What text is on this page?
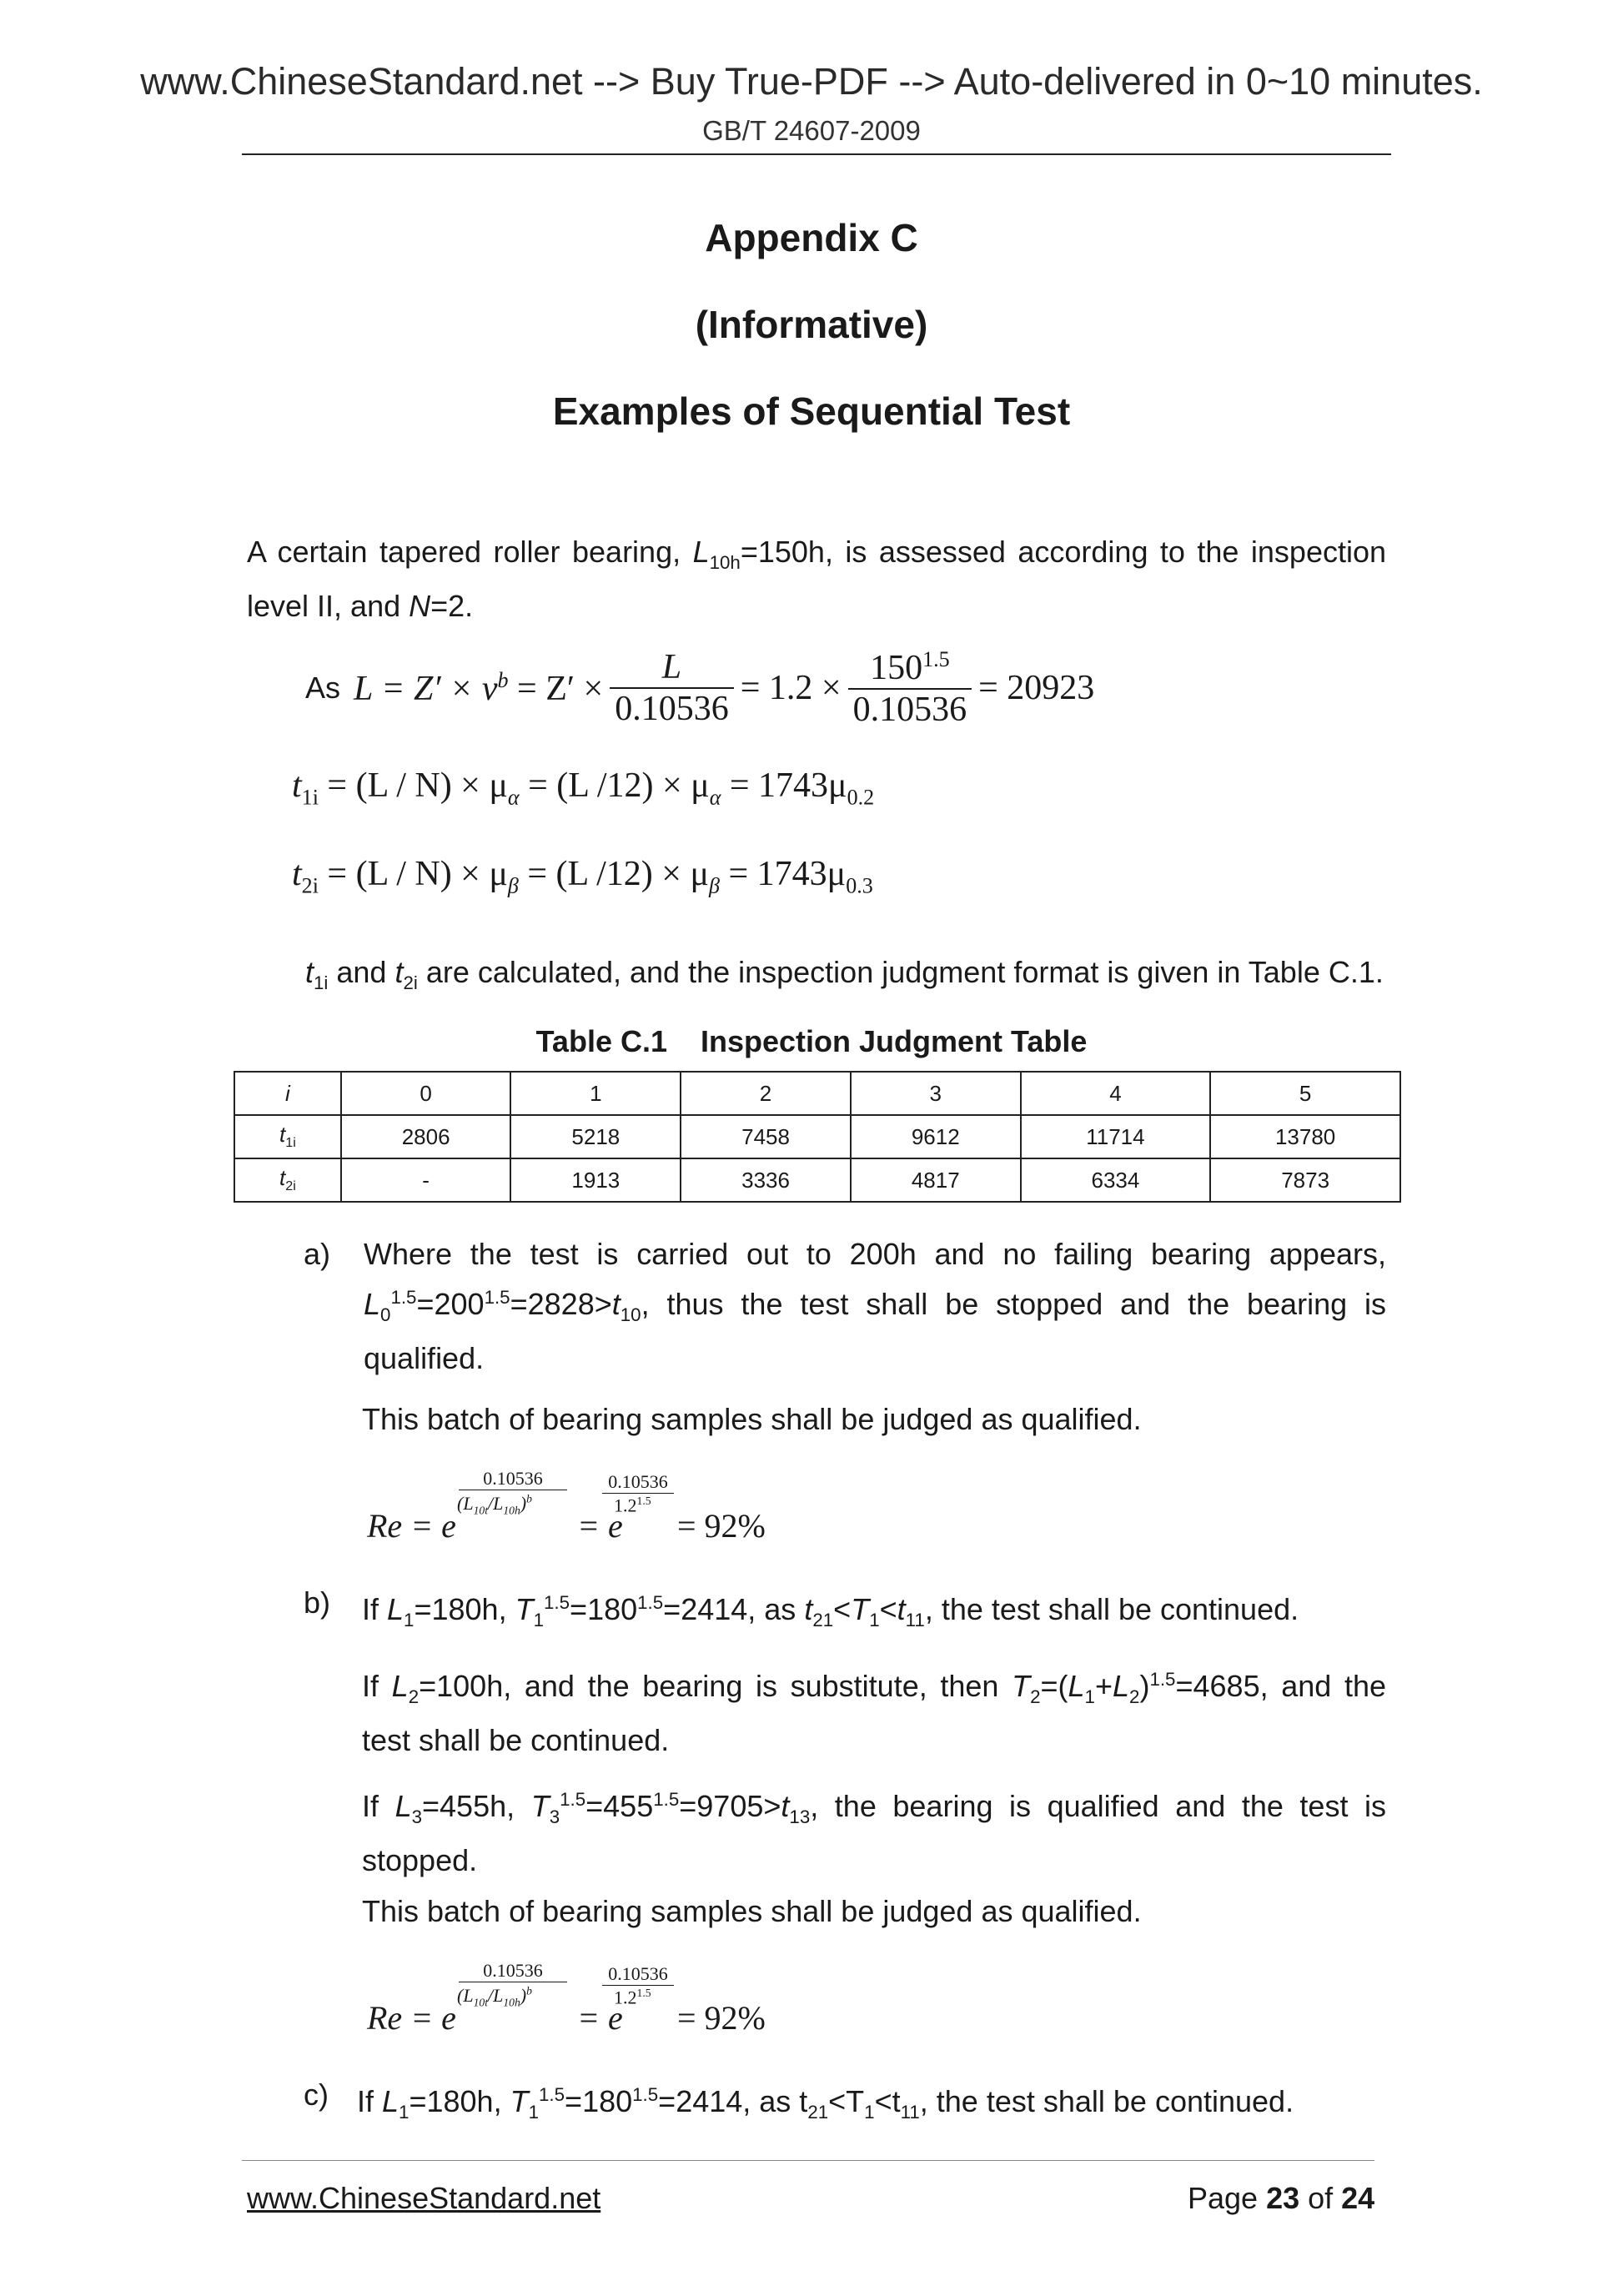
www.ChineseStandard.net --> Buy True-PDF --> Auto-delivered in 0~10 minutes.
GB/T 24607-2009
Appendix C
(Informative)
Examples of Sequential Test
A certain tapered roller bearing, $L_{10h}=150h$, is assessed according to the inspection level II, and N=2.
As $L = Z' \times v^b = Z' \times \frac{L}{0.10536} = 1.2 \times \frac{150^{1.5}}{0.10536} = 20923$
$t_{1i} = (L / N) \times \mu_\alpha = (L$ $/12) \times \mu_\alpha = 1743\mu_{0.2}$
$t_{2i} = (L / N) \times \mu_\beta = (L$ $/12) \times \mu_\beta = 1743\mu_{0.3}$
$t_{1i}$ and $t_{2i}$ are calculated, and the inspection judgment format is given in Table C.1.
Table C.1    Inspection Judgment Table
i	0	1	2	3	4	5
$t_{1i}$	2806	5218	7458	9612	11714	13780
$t_{2i}$	-	1913	3336	4817	6334	7873
a) Where the test is carried out to 200h and no failing bearing appears, $L_0^{1.5}=200^{1.5}=2828>t_{10}$, thus the test shall be stopped and the bearing is qualified.
This batch of bearing samples shall be judged as qualified.
Re = e
0.10536
$(L_{10t}/L_{10h})^b$
= e
0.10536
$1.2^{1.5}$
= 92%
b) If $L_1=180h$, $T_1^{1.5}=180^{1.5}=2414$, as $t_{21}<T_1<t_{11}$, the test shall be continued.
If $L_2=100h$, and the bearing is substitute, then $T_2=(L_1+L_2)^{1.5}=4685$, and the test shall be continued.
If $L_3=455h$, $T_3^{1.5}=455^{1.5}=9705>t_{13}$, the bearing is qualified and the test is stopped.
This batch of bearing samples shall be judged as qualified.
Re = e
0.10536
$(L_{10t}/L_{10h})^b$
= e
0.10536
$1.2^{1.5}$
= 92%
c) If $L_1=180h$, $T_1^{1.5}=180^{1.5}=2414$, as $t_{21}<T_1<t_{11}$, the test shall be continued.
www.ChineseStandard.net	Page 23 of 24
